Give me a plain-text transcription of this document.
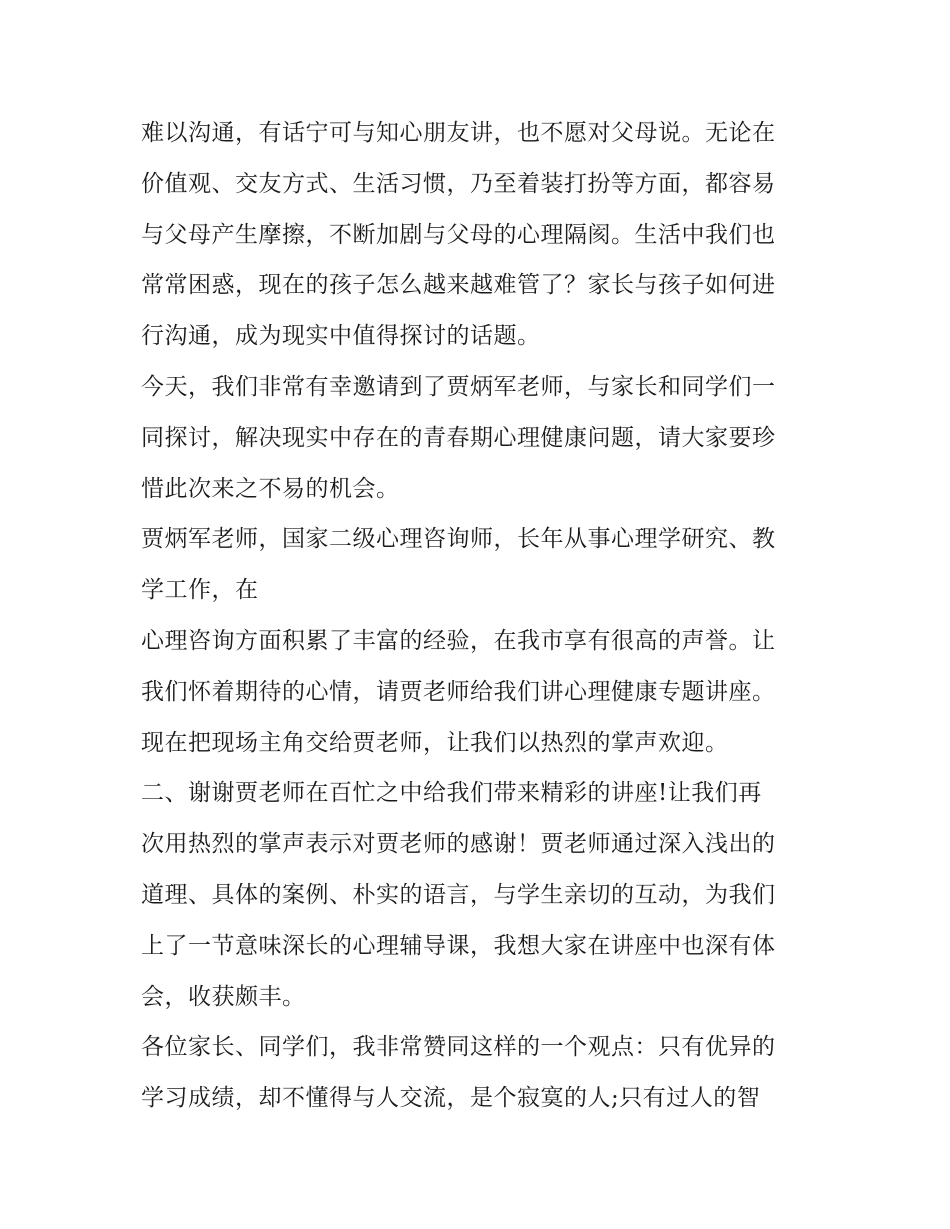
难以沟通，有话宁可与知心朋友讲，也不愿对父母说。无论在
价值观、交友方式、生活习惯，乃至着装打扮等方面，都容易
与父母产生摩擦，不断加剧与父母的心理隔阂。生活中我们也
常常困惑，现在的孩子怎么越来越难管了？家长与孩子如何进
行沟通，成为现实中值得探讨的话题。
今天，我们非常有幸邀请到了贾炳军老师，与家长和同学们一
同探讨，解决现实中存在的青春期心理健康问题，请大家要珍
惜此次来之不易的机会。
贾炳军老师，国家二级心理咨询师，长年从事心理学研究、教
学工作，在
心理咨询方面积累了丰富的经验，在我市享有很高的声誉。让
我们怀着期待的心情，请贾老师给我们讲心理健康专题讲座。
现在把现场主角交给贾老师，让我们以热烈的掌声欢迎。
二、谢谢贾老师在百忙之中给我们带来精彩的讲座!让我们再
次用热烈的掌声表示对贾老师的感谢！贾老师通过深入浅出的
道理、具体的案例、朴实的语言，与学生亲切的互动，为我们
上了一节意味深长的心理辅导课，我想大家在讲座中也深有体
会，收获颇丰。
各位家长、同学们，我非常赞同这样的一个观点：只有优异的
学习成绩，却不懂得与人交流，是个寂寞的人;只有过人的智
